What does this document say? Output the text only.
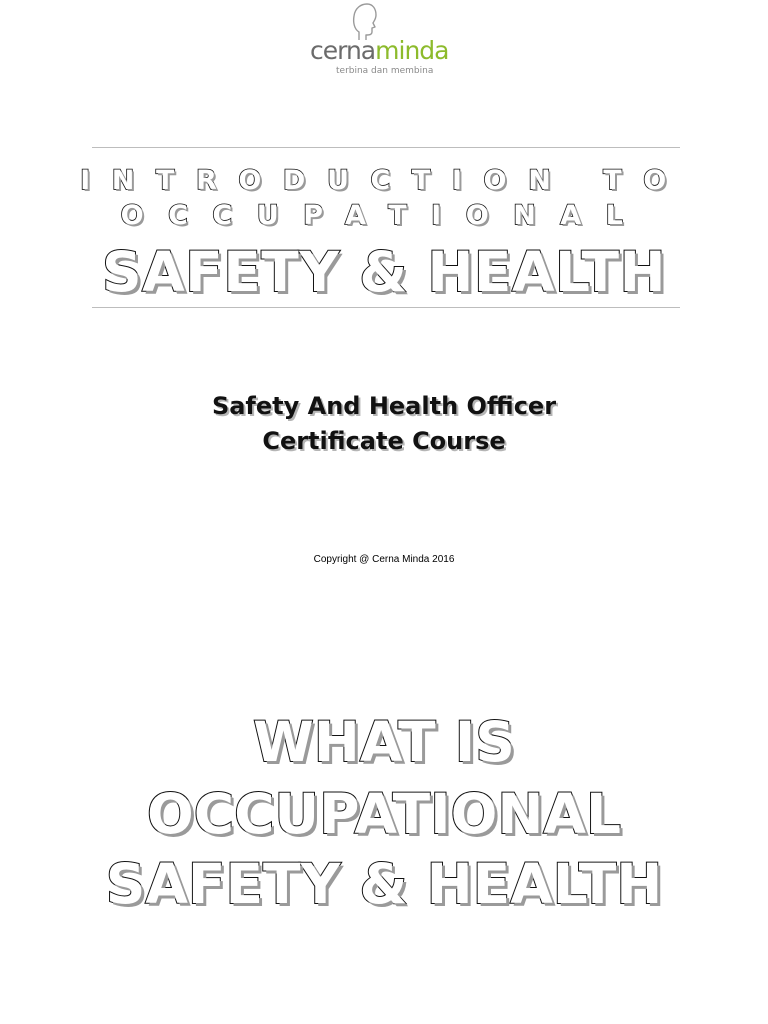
cernaminda
terbina dan membina
INTRODUCTION TO
OCCUPATIONAL
SAFETY & HEALTH
Safety And Health Officer
Certificate Course
Copyright @ Cerna Minda 2016
WHAT IS
OCCUPATIONAL
SAFETY & HEALTH
